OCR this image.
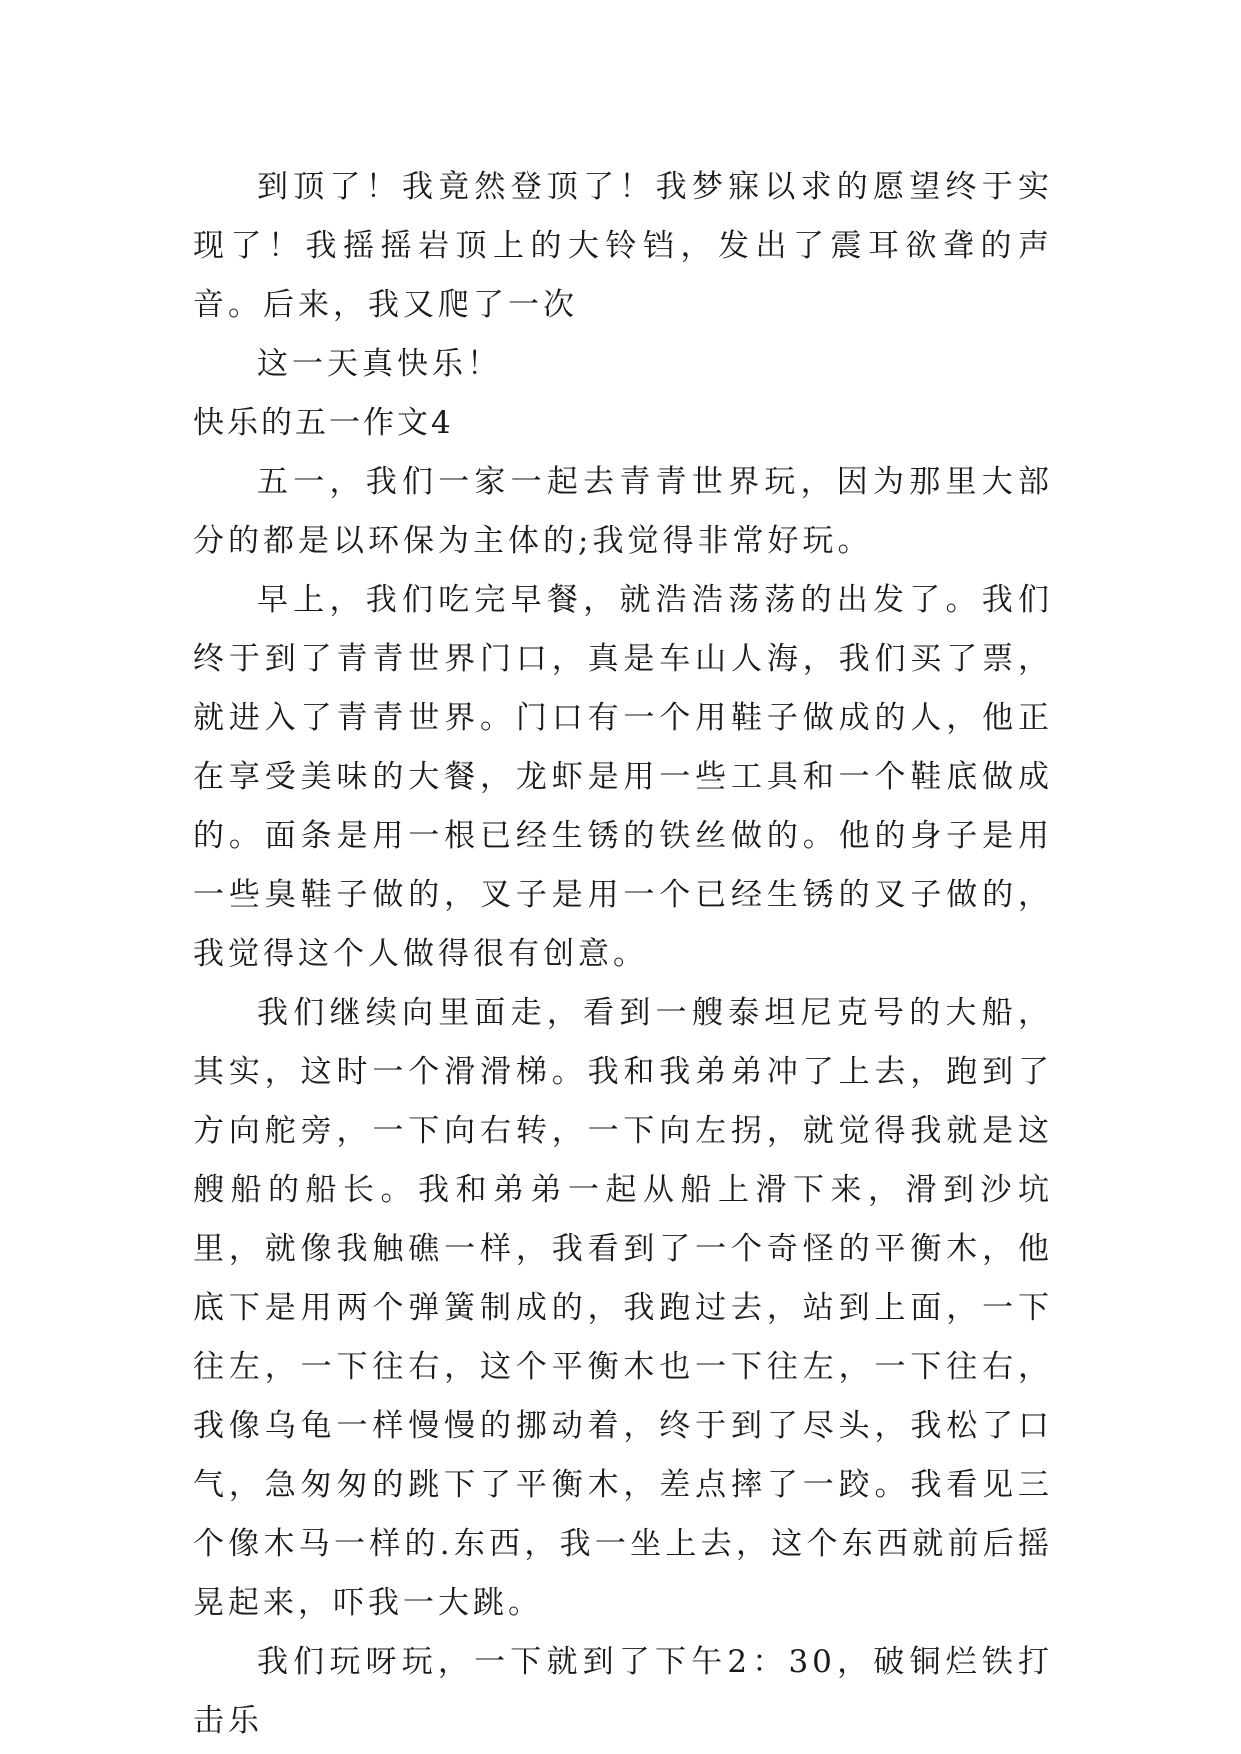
到顶了！我竟然登顶了！我梦寐以求的愿望终于实现了！我摇摇岩顶上的大铃铛，发出了震耳欲聋的声音。后来，我又爬了一次

这一天真快乐！

快乐的五一作文4

五一，我们一家一起去青青世界玩，因为那里大部分的都是以环保为主体的;我觉得非常好玩。

早上，我们吃完早餐，就浩浩荡荡的出发了。我们终于到了青青世界门口，真是车山人海，我们买了票，就进入了青青世界。门口有一个用鞋子做成的人，他正在享受美味的大餐，龙虾是用一些工具和一个鞋底做成的。面条是用一根已经生锈的铁丝做的。他的身子是用一些臭鞋子做的，叉子是用一个已经生锈的叉子做的，我觉得这个人做得很有创意。

我们继续向里面走，看到一艘泰坦尼克号的大船，其实，这时一个滑滑梯。我和我弟弟冲了上去，跑到了方向舵旁，一下向右转，一下向左拐，就觉得我就是这艘船的船长。我和弟弟一起从船上滑下来，滑到沙坑里，就像我触礁一样，我看到了一个奇怪的平衡木，他底下是用两个弹簧制成的，我跑过去，站到上面，一下往左，一下往右，这个平衡木也一下往左，一下往右，我像乌龟一样慢慢的挪动着，终于到了尽头，我松了口气，急匆匆的跳下了平衡木，差点摔了一跤。我看见三个像木马一样的.东西，我一坐上去，这个东西就前后摇晃起来，吓我一大跳。

我们玩呀玩，一下就到了下午2：30，破铜烂铁打击乐
